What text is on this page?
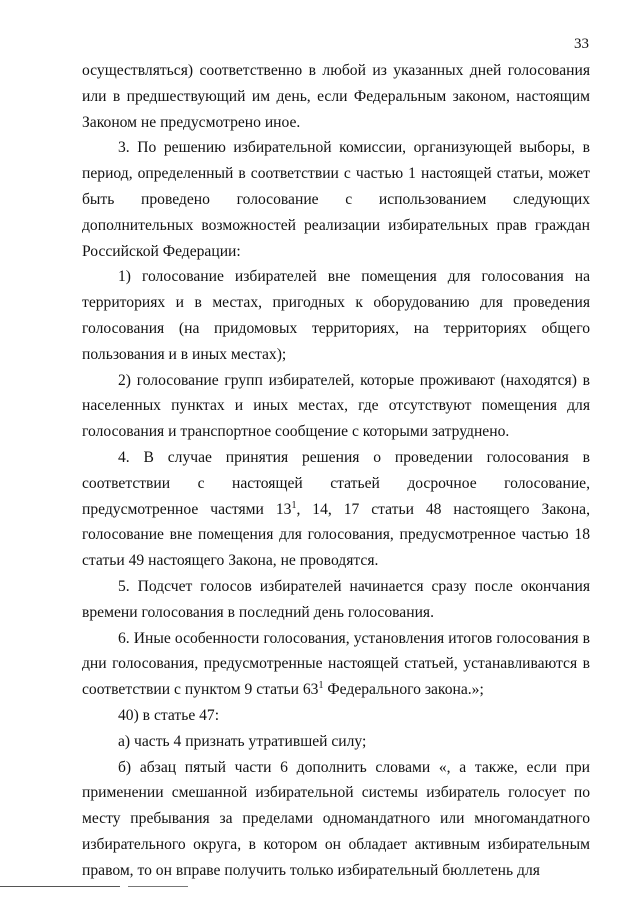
33

осуществляться) соответственно в любой из указанных дней голосования или в предшествующий им день, если Федеральным законом, настоящим Законом не предусмотрено иное.

3. По решению избирательной комиссии, организующей выборы, в период, определенный в соответствии с частью 1 настоящей статьи, может быть проведено голосование с использованием следующих дополнительных возможностей реализации избирательных прав граждан Российской Федерации:

1) голосование избирателей вне помещения для голосования на территориях и в местах, пригодных к оборудованию для проведения голосования (на придомовых территориях, на территориях общего пользования и в иных местах);

2) голосование групп избирателей, которые проживают (находятся) в населенных пунктах и иных местах, где отсутствуют помещения для голосования и транспортное сообщение с которыми затруднено.

4. В случае принятия решения о проведении голосования в соответствии с настоящей статьей досрочное голосование, предусмотренное частями $13^1$, 14, 17 статьи 48 настоящего Закона, голосование вне помещения для голосования, предусмотренное частью 18 статьи 49 настоящего Закона, не проводятся.

5. Подсчет голосов избирателей начинается сразу после окончания времени голосования в последний день голосования.

6. Иные особенности голосования, установления итогов голосования в дни голосования, предусмотренные настоящей статьей, устанавливаются в соответствии с пунктом 9 статьи $63^1$ Федерального закона.»;

40) в статье 47:

а) часть 4 признать утратившей силу;

б) абзац пятый части 6 дополнить словами «, а также, если при применении смешанной избирательной системы избиратель голосует по месту пребывания за пределами одномандатного или многомандатного избирательного округа, в котором он обладает активным избирательным правом, то он вправе получить только избирательный бюллетень для
